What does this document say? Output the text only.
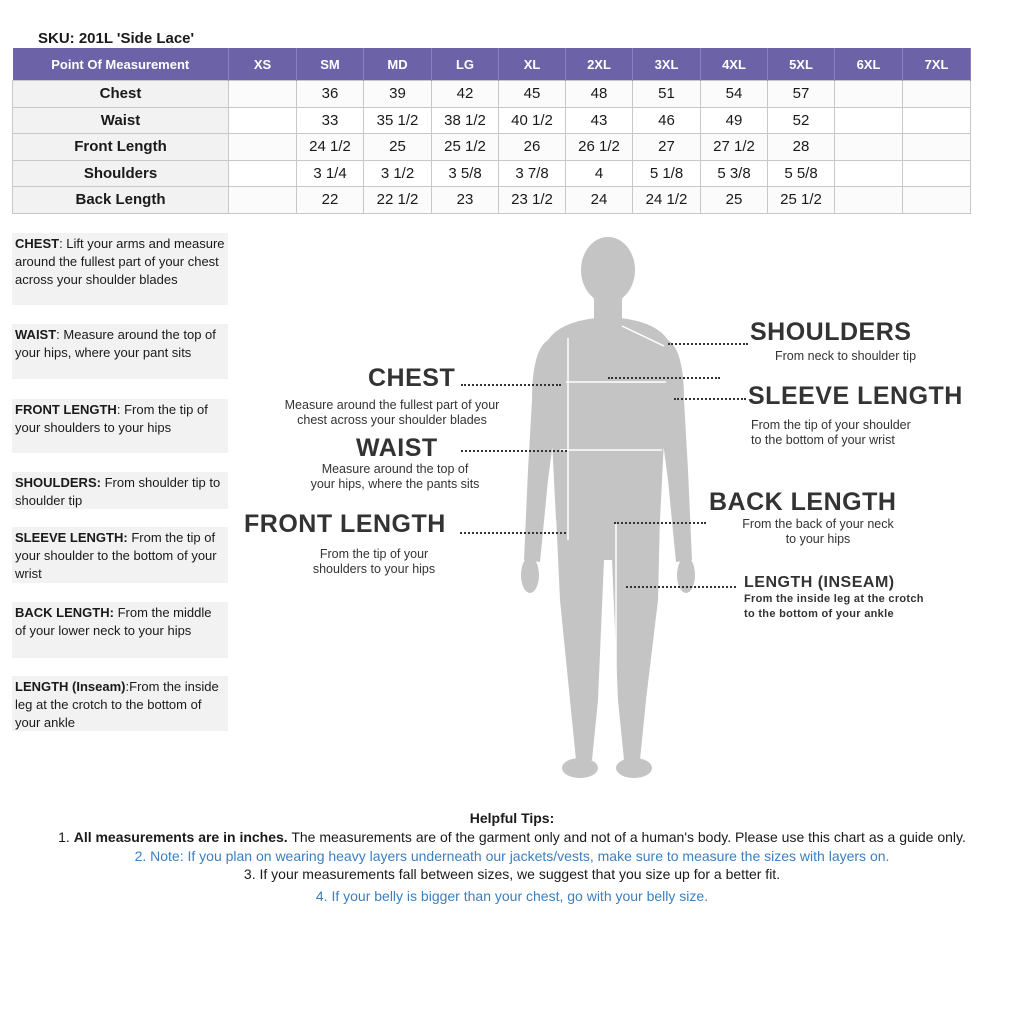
SKU: 201L 'Side Lace'
Point Of Measurement	XS	SM	MD	LG	XL	2XL	3XL	4XL	5XL	6XL	7XL
Chest		36	39	42	45	48	51	54	57		
Waist		33	35 1/2	38 1/2	40 1/2	43	46	49	52		
Front Length		24 1/2	25	25 1/2	26	26 1/2	27	27 1/2	28		
Shoulders		3 1/4	3 1/2	3 5/8	3 7/8	4	5 1/8	5 3/8	5 5/8		
Back Length		22	22 1/2	23	23 1/2	24	24 1/2	25	25 1/2		
CHEST: Lift your arms and measure around the fullest part of your chest across your shoulder blades
WAIST: Measure around the top of your hips, where your pant sits
FRONT LENGTH: From the tip of your shoulders to your hips
SHOULDERS: From shoulder tip to shoulder tip
SLEEVE LENGTH: From the tip of your shoulder to the bottom of your wrist
BACK LENGTH: From the middle of your lower neck to your hips
LENGTH (Inseam):From the inside leg at the crotch to the bottom of your ankle
CHEST
Measure around the fullest part of your
chest across your shoulder blades
WAIST
Measure around the top of
your hips, where the pants sits
FRONT LENGTH
From the tip of your
shoulders to your hips
SHOULDERS
From neck to shoulder tip
SLEEVE LENGTH
From the tip of your shoulder
to the bottom of your wrist
BACK LENGTH
From the back of your neck
to your hips
LENGTH (INSEAM)
From the inside leg at the crotch
to the bottom of your ankle
Helpful Tips:
1. All measurements are in inches. The measurements are of the garment only and not of a human's body. Please use this chart as a guide only.
2. Note: If you plan on wearing heavy layers underneath our jackets/vests, make sure to measure the sizes with layers on.
3. If your measurements fall between sizes, we suggest that you size up for a better fit.
4. If your belly is bigger than your chest, go with your belly size.
